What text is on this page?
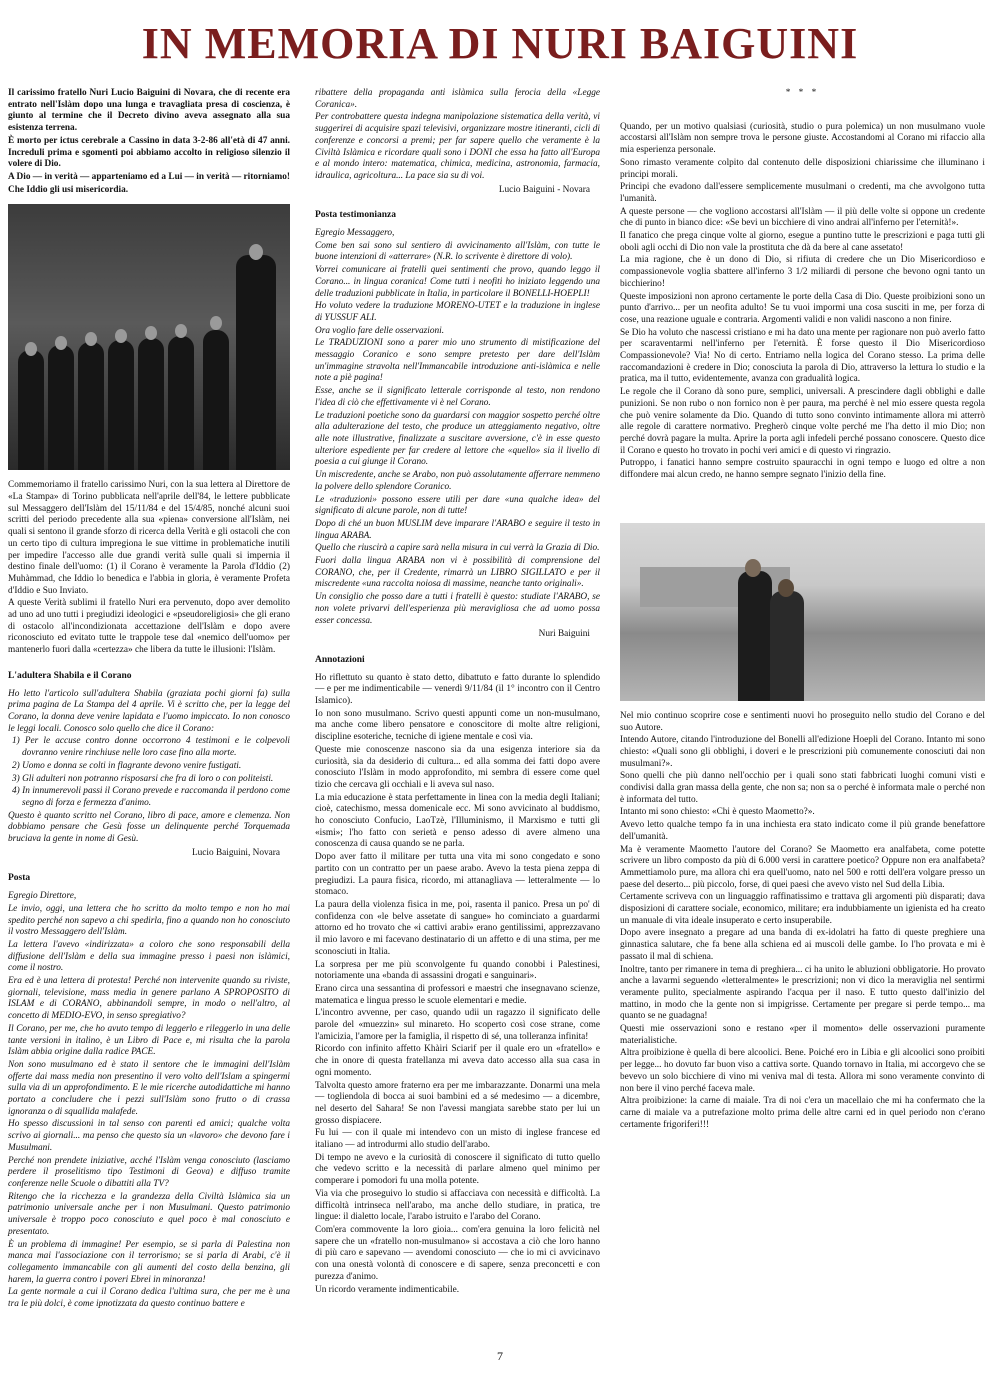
IN MEMORIA DI NURI BAIGUINI

Il carissimo fratello Nuri Lucio Baiguini di Novara, che di recente era entrato nell'Islàm dopo una lunga e travagliata presa di coscienza, è giunto al termine che il Decreto divino aveva assegnato alla sua esistenza terrena.

È morto per ictus cerebrale a Cassino in data 3-2-86 all'età di 47 anni. Increduli prima e sgomenti poi abbiamo accolto in religioso silenzio il volere di Dio.

A Dio — in verità — apparteniamo ed a Lui — in verità — ritorniamo!

Che Iddio gli usi misericordia.

Commemoriamo il fratello carissimo Nuri, con la sua lettera al Direttore de «La Stampa» di Torino pubblicata nell'aprile dell'84, le lettere pubblicate sul Messaggero dell'Islàm del 15/11/84 e del 15/4/85, nonché alcuni suoi scritti del periodo precedente alla sua «piena» conversione all'Islàm, nei quali si sentono il grande sforzo di ricerca della Verità e gli ostacoli che con un certo tipo di cultura impregiona le sue vittime in problematiche inutili per impedire l'accesso alle due grandi verità sulle quali si imperniа il destino finale dell'uomo: (1) il Corano è veramente la Parola d'Iddio (2) Muhàmmad, che Iddio lo benedica e l'abbia in gloria, è veramente Profeta d'Iddio e Suo Inviato.

A queste Verità sublimi il fratello Nuri era pervenuto, dopo aver demolito ad uno ad uno tutti i pregiudizi ideologici e «pseudoreligiosi» che gli erano di ostacolo all'incondizionata accettazione dell'Islàm e dopo avere riconosciuto ed evitato tutte le trappole tese dal «nemico dell'uomo» per mantenerlo fuori dalla «certezza» che libera da tutte le illusioni: l'Islàm.

L'adultera Shabila e il Corano

Ho letto l'articolo sull'adultera Shabila (graziata pochi giorni fa) sulla prima pagina de La Stampa del 4 aprile. Vi è scritto che, per la legge del Corano, la donna deve venire lapidata e l'uomo impiccato. Io non conosco le leggi locali. Conosco solo quello che dice il Corano:

1) Per le accuse contro donne occorrono 4 testimoni e le colpevoli dovranno venire rinchiuse nelle loro case fino alla morte.

2) Uomo e donna se colti in flagrante devono venire fustigati.

3) Gli adulteri non potranno risposarsi che fra di loro o con politeisti.

4) In innumerevoli passi il Corano prevede e raccomanda il perdono come segno di forza e fermezza d'animo.

Questo è quanto scritto nel Corano, libro di pace, amore e clemenza. Non dobbiamo pensare che Gesù fosse un delinquente perché Torquemada bruciava la gente in nome di Gesù.

Lucio Baiguini, Novara

Posta

Egregio Direttore,

Le invio, oggi, una lettera che ho scritto da molto tempo e non ho mai spedito perché non sapevo a chi spedirla, fino a quando non ho conosciuto il vostro Messaggero dell'Islàm.

La lettera l'avevo «indirizzata» a coloro che sono responsabili della diffusione dell'Islàm e della sua immagine presso i paesi non islàmici, come il nostro.

Era ed è una lettera di protesta! Perché non intervenite quando su riviste, giornali, televisione, mass media in genere parlano A SPROPOSITO di ISLAM e di CORANO, abbinandoli sempre, in modo o nell'altro, al concetto di MEDIO-EVO, in senso spregiativo?

Il Corano, per me, che ho avuto tempo di leggerlo e rileggerlo in una delle tante versioni in italino, è un Libro di Pace e, mi risulta che la parola Islàm abbia origine dalla radice PACE.

Non sono musulmano ed è stato il sentore che le immagini dell'Islàm offerte dai mass media non presentino il vero volto dell'Islam a spingermi sulla via di un approfondimento. E le mie ricerche autodidattiche mi hanno portato a concludere che i pezzi sull'Islàm sono frutto o di crassa ignoranza o di squallida malafede.

Ho spesso discussioni in tal senso con parenti ed amici; qualche volta scrivo ai giornali... ma penso che questo sia un «lavoro» che devono fare i Musulmani.

Perché non prendete iniziative, acché l'Islàm venga conosciuto (lasciamo perdere il proselitismo tipo Testimoni di Geova) e diffuso tramite conferenze nelle Scuole o dibattiti alla TV?

Ritengo che la ricchezza e la grandezza della Civiltà Islàmica sia un patrimonio universale anche per i non Musulmani. Questo patrimonio universale è troppo poco conosciuto e quel poco è mal conosciuto e presentato.

È un problema di immagine! Per esempio, se si parla di Palestina non manca mai l'associazione con il terrorismo; se si parla di Arabi, c'è il collegamento immancabile con gli aumenti del costo della benzina, gli harem, la guerra contro i poveri Ebrei in minoranza!

La gente normale a cui il Corano dedica l'ultima sura, che per me è una tra le più dolci, è come ipnotizzata da questo continuo battere e

ribattere della propaganda anti islàmica sulla ferocia della «Legge Coranica».

Per controbattere questa indegna manipolazione sistematica della verità, vi suggerirei di acquisire spazi televisivi, organizzare mostre itineranti, cicli di conferenze e concorsi a premi; per far sapere quello che veramente è la Civiltà Islàmica e ricordare quali sono i DONI che essa ha fatto all'Europa e al mondo intero: matematica, chimica, medicina, astronomia, farmacia, idraulica, agricoltura... La pace sia su di voi.

Lucio Baiguini - Novara

Posta testimonianza

Egregio Messaggero,

Come ben sai sono sul sentiero di avvicinamento all'Islàm, con tutte le buone intenzioni di «atterrare» (N.R. lo scrivente è direttore di volo).

Vorrei comunicare ai fratelli quei sentimenti che provo, quando leggo il Corano... in lingua coranica! Come tutti i neofiti ho iniziato leggendo una delle traduzioni pubblicate in Italia, in particolare il BONELLI-HOEPLI!

Ho voluto vedere la traduzione MORENO-UTET e la traduzione in inglese di YUSSUF ALI.

Ora voglio fare delle osservazioni.

Le TRADUZIONI sono a parer mio uno strumento di mistificazione del messaggio Coranico e sono sempre pretesto per dare dell'Islàm un'immagine stravolta nell'Immancabile introduzione anti-islàmica e nelle note a piè pagina!

Esse, anche se il significato letterale corrisponde al testo, non rendono l'idea di ciò che effettivamente vi è nel Corano.

Le traduzioni poetiche sono da guardarsi con maggior sospetto perché oltre alla adulterazione del testo, che produce un atteggiamento negativo, oltre alle note illustrative, finalizzate a suscitare avversione, c'è in esse questo ulteriore espediente per far credere al lettore che «quello» sia il livello di poesia a cui giunge il Corano.

Un miscredente, anche se Arabo, non può assolutamente afferrare nemmeno la polvere dello splendore Coranico.

Le «traduzioni» possono essere utili per dare «una qualche idea» del significato di alcune parole, non di tutte!

Dopo di ché un buon MUSLIM deve imparare l'ARABO e seguire il testo in lingua ARABA.

Quello che riuscirà a capire sarà nella misura in cui verrà la Grazia di Dio.

Fuori dalla lingua ARABA non vi è possibilità di comprensione del CORANO, che, per il Credente, rimarrà un LIBRO SIGILLATO e per il miscredente «una raccolta noiosa di massime, neanche tanto originali».

Un consiglio che posso dare a tutti i fratelli è questo: studiate l'ARABO, se non volete privarvi dell'esperienza più meravigliosa che ad uomo possa esser concessa.

Nuri Baiguini

Annotazioni

Ho riflettuto su quanto è stato detto, dibattuto e fatto durante lo splendido — e per me indimenticabile — venerdì 9/11/84 (il 1° incontro con il Centro Islamico).

Io non sono musulmano. Scrivo questi appunti come un non-musulmano, ma anche come libero pensatore e conoscitore di molte altre religioni, discipline esoteriche, tecniche di igiene mentale e così via.

Queste mie conoscenze nascono sia da una esigenza interiore sia da curiosità, sia da desiderio di cultura... ed alla somma dei fatti dopo avere conosciuto l'Islàm in modo approfondito, mi sembra di essere come quel tizio che cercava gli occhiali e li aveva sul naso.

La mia educazione è stata perfettamente in linea con la media degli Italiani; cioè, catechismo, messa domenicale ecc. Mi sono avvicinato al buddismo, ho conosciuto Confucio, LaoTzè, l'Illuminismo, il Marxismo e tutti gli «ismi»; l'ho fatto con serietà e penso adesso di avere almeno una conoscenza di causa quando se ne parla.

Dopo aver fatto il militare per tutta una vita mi sono congedato e sono partito con un contratto per un paese arabo. Avevo la testa piena zeppa di pregiudizi. La paura fisica, ricordo, mi attanagliava — letteralmente — lo stomaco.

La paura della violenza fisica in me, poi, rasenta il panico. Presa un po' di confidenza con «le belve assetate di sangue» ho cominciato a guardarmi attorno ed ho trovato che «i cattivi arabi» erano gentilissimi, apprezzavano il mio lavoro e mi facevano destinatario di un affetto e di una stima, per me sconosciuti in Italia.

La sorpresa per me più sconvolgente fu quando conobbi i Palestinesi, notoriamente una «banda di assassini drogati e sanguinari».

Erano circa una sessantina di professori e maestri che insegnavano scienze, matematica e lingua presso le scuole elementari e medie.

L'incontro avvenne, per caso, quando udii un ragazzo il significato delle parole del «muezzin» sul minareto. Ho scoperto così cose strane, come l'amicizia, l'amore per la famiglia, il rispetto di sé, una tolleranza infinita!

Ricordo con infinito affetto Khàiri Sciarif per il quale ero un «fratello» e che in onore di questa fratellanza mi aveva dato accesso alla sua casa in ogni momento.

Talvolta questo amore fraterno era per me imbarazzante. Donarmi una mela — togliendola di bocca ai suoi bambini ed a sé medesimo — a dicembre, nel deserto del Sahara! Se non l'avessi mangiata sarebbe stato per lui un grosso dispiacere.

Fu lui — con il quale mi intendevo con un misto di inglese francese ed italiano — ad introdurmi allo studio dell'arabo.

Di tempo ne avevo e la curiosità di conoscere il significato di tutto quello che vedevo scritto e la necessità di parlare almeno quel minimo per comperare i pomodori fu una molla potente.

Via via che proseguivo lo studio si affacciava con necessità e difficoltà. La difficoltà intrinseca nell'arabo, ma anche dello studiare, in pratica, tre lingue: il dialetto locale, l'arabo istruito e l'arabo del Corano.

Com'era commovente la loro gioia... com'era genuina la loro felicità nel sapere che un «fratello non-musulmano» si accostava a ciò che loro hanno di più caro e sapevano — avendomi conosciuto — che io mi ci avvicinavo con una onestà volontà di conoscere e di sapere, senza preconcetti e con purezza d'animo.

Un ricordo veramente indimenticabile.

* * *

Quando, per un motivo qualsiasi (curiosità, studio o pura polemica) un non musulmano vuole accostarsi all'Islàm non sempre trova le persone giuste. Accostandomi al Corano mi rifaccio alla mia esperienza personale.

Sono rimasto veramente colpito dal contenuto delle disposizioni chiarissime che illuminano i principi morali.

Principi che evadono dall'essere semplicemente musulmani o credenti, ma che avvolgono tutta l'umanità.

A queste persone — che vogliono accostarsi all'Islàm — il più delle volte si oppone un credente che di punto in bianco dice: «Se bevi un bicchiere di vino andrai all'inferno per l'eternità!».

Il fanatico che prega cinque volte al giorno, esegue a puntino tutte le prescrizioni e paga tutti gli obolі agli occhi di Dio non vale la prostituta che dà da bere al cane assetato!

La mia ragione, che è un dono di Dio, si rifiuta di credere che un Dio Misericordioso e compassionevole voglia sbattere all'inferno 3 1/2 miliardi di persone che bevono ogni tanto un bicchierino!

Queste imposizioni non aprono certamente le porte della Casa di Dio. Queste proibizioni sono un punto d'arrivo... per un neofita adulto! Se tu vuoi impormi una cosa susciti in me, per forza di cose, una reazione uguale e contraria. Argomenti validi e non validi nascono a non finire.

Se Dio ha voluto che nascessi cristiano e mi ha dato una mente per ragionare non può averlo fatto per scaraventarmi nell'inferno per l'eternità. È forse questo il Dio Misericordioso Compassionevole? Via! No di certo. Entriamo nella logica del Corano stesso. La prima delle raccomandazioni è credere in Dio; conosciuta la parola di Dio, attraverso la lettura lo studio e la pratica, ma il tutto, evidentemente, avanza con gradualità logica.

Le regole che il Corano dà sono pure, semplici, universali. A prescindere dagli obblighi e dalle punizioni. Se non rubo o non fornico non è per paura, ma perché è nel mio essere questa regola che può venire solamente da Dio. Quando di tutto sono convinto intimamente allora mi atterrò alle regole di carattere normativo. Pregherò cinque volte perché me l'ha detto il mio Dio; non perché dovrà pagare la multa. Aprire la porta agli infedeli perché possano conoscere. Questo dice il Corano e questo ho trovato in pochi veri amici e di questo vi ringrazio.

Putroppo, i fanatici hanno sempre costruito spauracchi in ogni tempo e luogo ed oltre a non diffondere mai alcun credo, ne hanno sempre segnato l'inizio della fine.

Nel mio continuo scoprire cose e sentimenti nuovi ho proseguito nello studio del Corano e del suo Autore.

Intendo Autore, citando l'introduzione del Bonelli all'edizione Hoepli del Corano. Intanto mi sono chiesto: «Quali sono gli obblighi, i doveri e le prescrizioni più comunemente conosciuti dai non musulmani?».

Sono quelli che più danno nell'occhio per i quali sono stati fabbricati luoghi comuni visti e condivisi dalla gran massa della gente, che non sa; non sa o perché è informata male o perché non è informata del tutto.

Intanto mi sono chiesto: «Chi è questo Maometto?».

Avevo letto qualche tempo fa in una inchiesta era stato indicato come il più grande benefattore dell'umanità.

Ma è veramente Maometto l'autore del Corano? Se Maometto era analfabeta, come potette scrivere un libro composto da più di 6.000 versi in carattere poetico? Oppure non era analfabeta? Ammettiamolo pure, ma allora chi era quell'uomo, nato nel 500 e rotti dell'era volgare presso un paese del deserto... più piccolo, forse, di quei paesi che avevo visto nel Sud della Libia.

Certamente scriveva con un linguaggio raffinatissimo e trattava gli argomenti più disparati; dava disposizioni di carattere sociale, economico, militare; era indubbiamente un igienista ed ha creato un manuale di vita ideale insuperato e certo insuperabile.

Dopo avere insegnato a pregare ad una banda di ex-idolatri ha fatto di queste preghiere una ginnastica salutare, che fa bene alla schiena ed ai muscoli delle gambe. Io l'ho provata e mi è passato il mal di schiena.

Inoltre, tanto per rimanere in tema di preghiera... ci ha unito le abluzioni obbligatorie. Ho provato anche a lavarmi seguendo «letteralmente» le prescrizioni; non vi dico la meraviglia nel sentirmi veramente pulito, specialmente aspirando l'acqua per il naso. E tutto questo dall'inizio del mattino, in modo che la gente non si impigrisse. Certamente per pregare si perde tempo... ma quanto se ne guadagna!

Questi mie osservazioni sono e restano «per il momento» delle osservazioni puramente materialistiche.

Altra proibizione è quella di bere alcoolici. Bene. Poiché ero in Libia e gli alcoolici sono proibiti per legge... ho dovuto far buon viso a cattiva sorte. Quando tornavo in Italia, mi accorgevo che se bevevo un solo bicchiere di vino mi veniva mal di testa. Allora mi sono veramente convinto di non bere il vino perché faceva male.

Altra proibizione: la carne di maiale. Tra di noi c'era un macellaio che mi ha confermato che la carne di maiale va a putrefazione molto prima delle altre carni ed in quel periodo non c'erano certamente frigoriferi!!!

7
